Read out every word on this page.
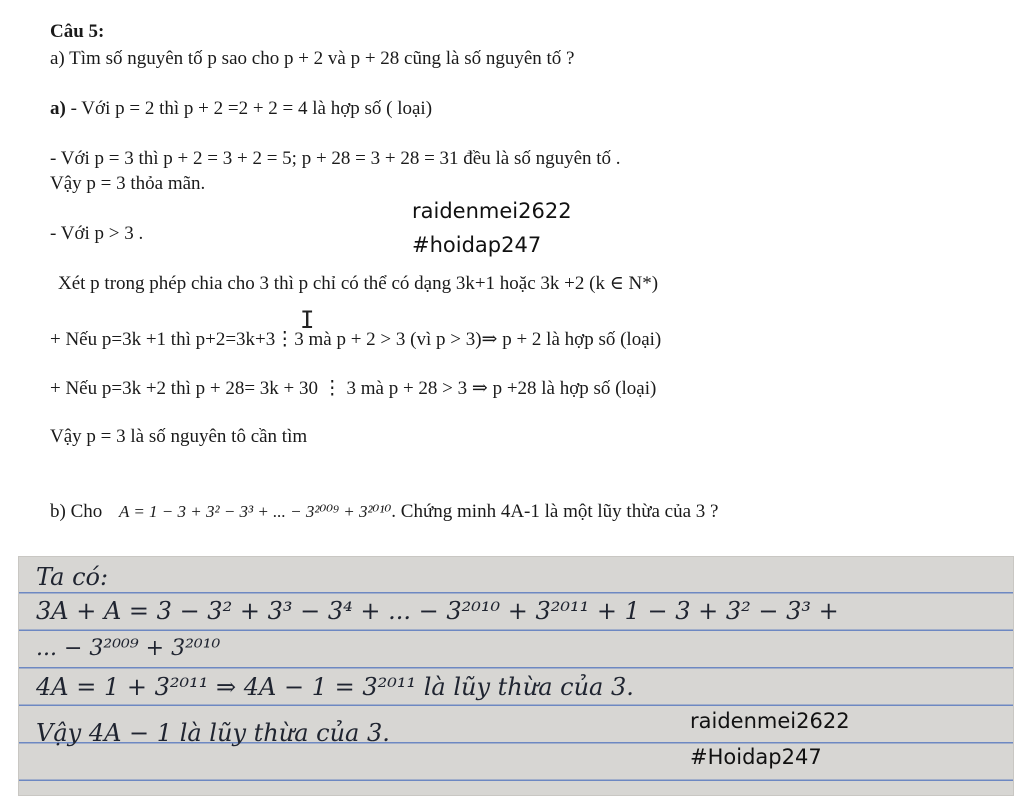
Câu 5:
a) Tìm số nguyên tố p sao cho p + 2 và p + 28 cũng là số nguyên tố ?
a) - Với p = 2 thì p + 2 =2 + 2 = 4 là hợp số ( loại)
- Với p = 3 thì p + 2 = 3 + 2 = 5; p + 28 = 3 + 28 = 31 đều là số nguyên tố .
Vậy p = 3 thỏa mãn.
- Với p > 3 .
Xét p trong phép chia cho 3 thì p chỉ có thể có dạng 3k+1 hoặc 3k +2 (k ∈ N*)
I
+ Nếu p=3k +1 thì p+2=3k+3⋮3 mà p + 2 > 3 (vì p > 3)⇒ p + 2 là hợp số (loại)
+ Nếu p=3k +2 thì p + 28= 3k + 30 ⋮ 3 mà p + 28 > 3 ⇒ p +28 là hợp số (loại)
Vậy p = 3 là số nguyên tô cần tìm
b) Cho A = 1 − 3 + 3² − 3³ + ... − 3²⁰⁰⁹ + 3²⁰¹⁰. Chứng minh 4A-1 là một lũy thừa của 3 ?
raidenmei2622
#hoidap247
Ta có:
3A + A = 3 − 3² + 3³ − 3⁴ + ... − 3²⁰¹⁰ + 3²⁰¹¹ + 1 − 3 + 3² − 3³ +
... − 3²⁰⁰⁹ + 3²⁰¹⁰
4A = 1 + 3²⁰¹¹ ⇒ 4A − 1 = 3²⁰¹¹ là lũy thừa của 3.
Vậy 4A − 1 là lũy thừa của 3.	raidenmei2622
#Hoidap247
